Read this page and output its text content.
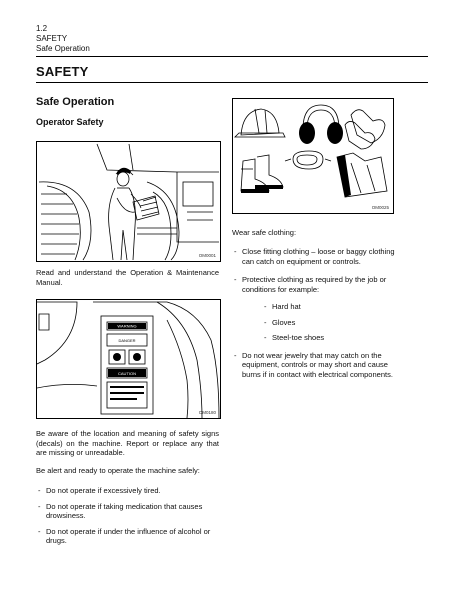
1.2
SAFETY
Safe Operation
SAFETY
Safe Operation
Operator Safety
OM0001
Read and understand the Operation & Maintenance Manual.
WARNING
DANGER
CAUTION
OM0180
Be aware of the location and meaning of safety signs (decals) on the machine. Report or replace any that are missing or unreadable.
Be alert and ready to operate the machine safely:
- Do not operate if excessively tired.
- Do not operate if taking medication that causes drowsiness.
- Do not operate if under the influence of alcohol or drugs.
OM0025
Wear safe clothing:
- Close fitting clothing – loose or baggy clothing can catch on equipment or controls.
- Protective clothing as required by the job or conditions for example:
- Hard hat
- Gloves
- Steel-toe shoes
- Do not wear jewelry that may catch on the equipment, controls or may short and cause burns if in contact with electrical components.
